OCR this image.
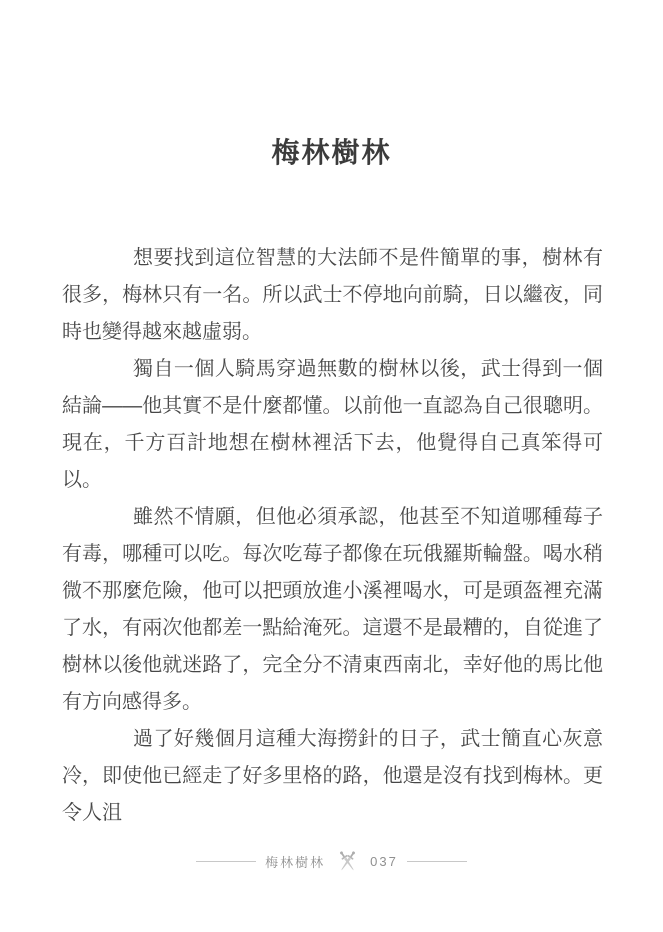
梅林樹林

想要找到這位智慧的大法師不是件簡單的事，樹林有很多，梅林只有一名。所以武士不停地向前騎，日以繼夜，同時也變得越來越虛弱。

獨自一個人騎馬穿過無數的樹林以後，武士得到一個結論——他其實不是什麼都懂。以前他一直認為自己很聰明。現在，千方百計地想在樹林裡活下去，他覺得自己真笨得可以。

雖然不情願，但他必須承認，他甚至不知道哪種莓子有毒，哪種可以吃。每次吃莓子都像在玩俄羅斯輪盤。喝水稍微不那麼危險，他可以把頭放進小溪裡喝水，可是頭盔裡充滿了水，有兩次他都差一點給淹死。這還不是最糟的，自從進了樹林以後他就迷路了，完全分不清東西南北，幸好他的馬比他有方向感得多。

過了好幾個月這種大海撈針的日子，武士簡直心灰意冷，即使他已經走了好多里格的路，他還是沒有找到梅林。更令人沮

梅林樹林	037
